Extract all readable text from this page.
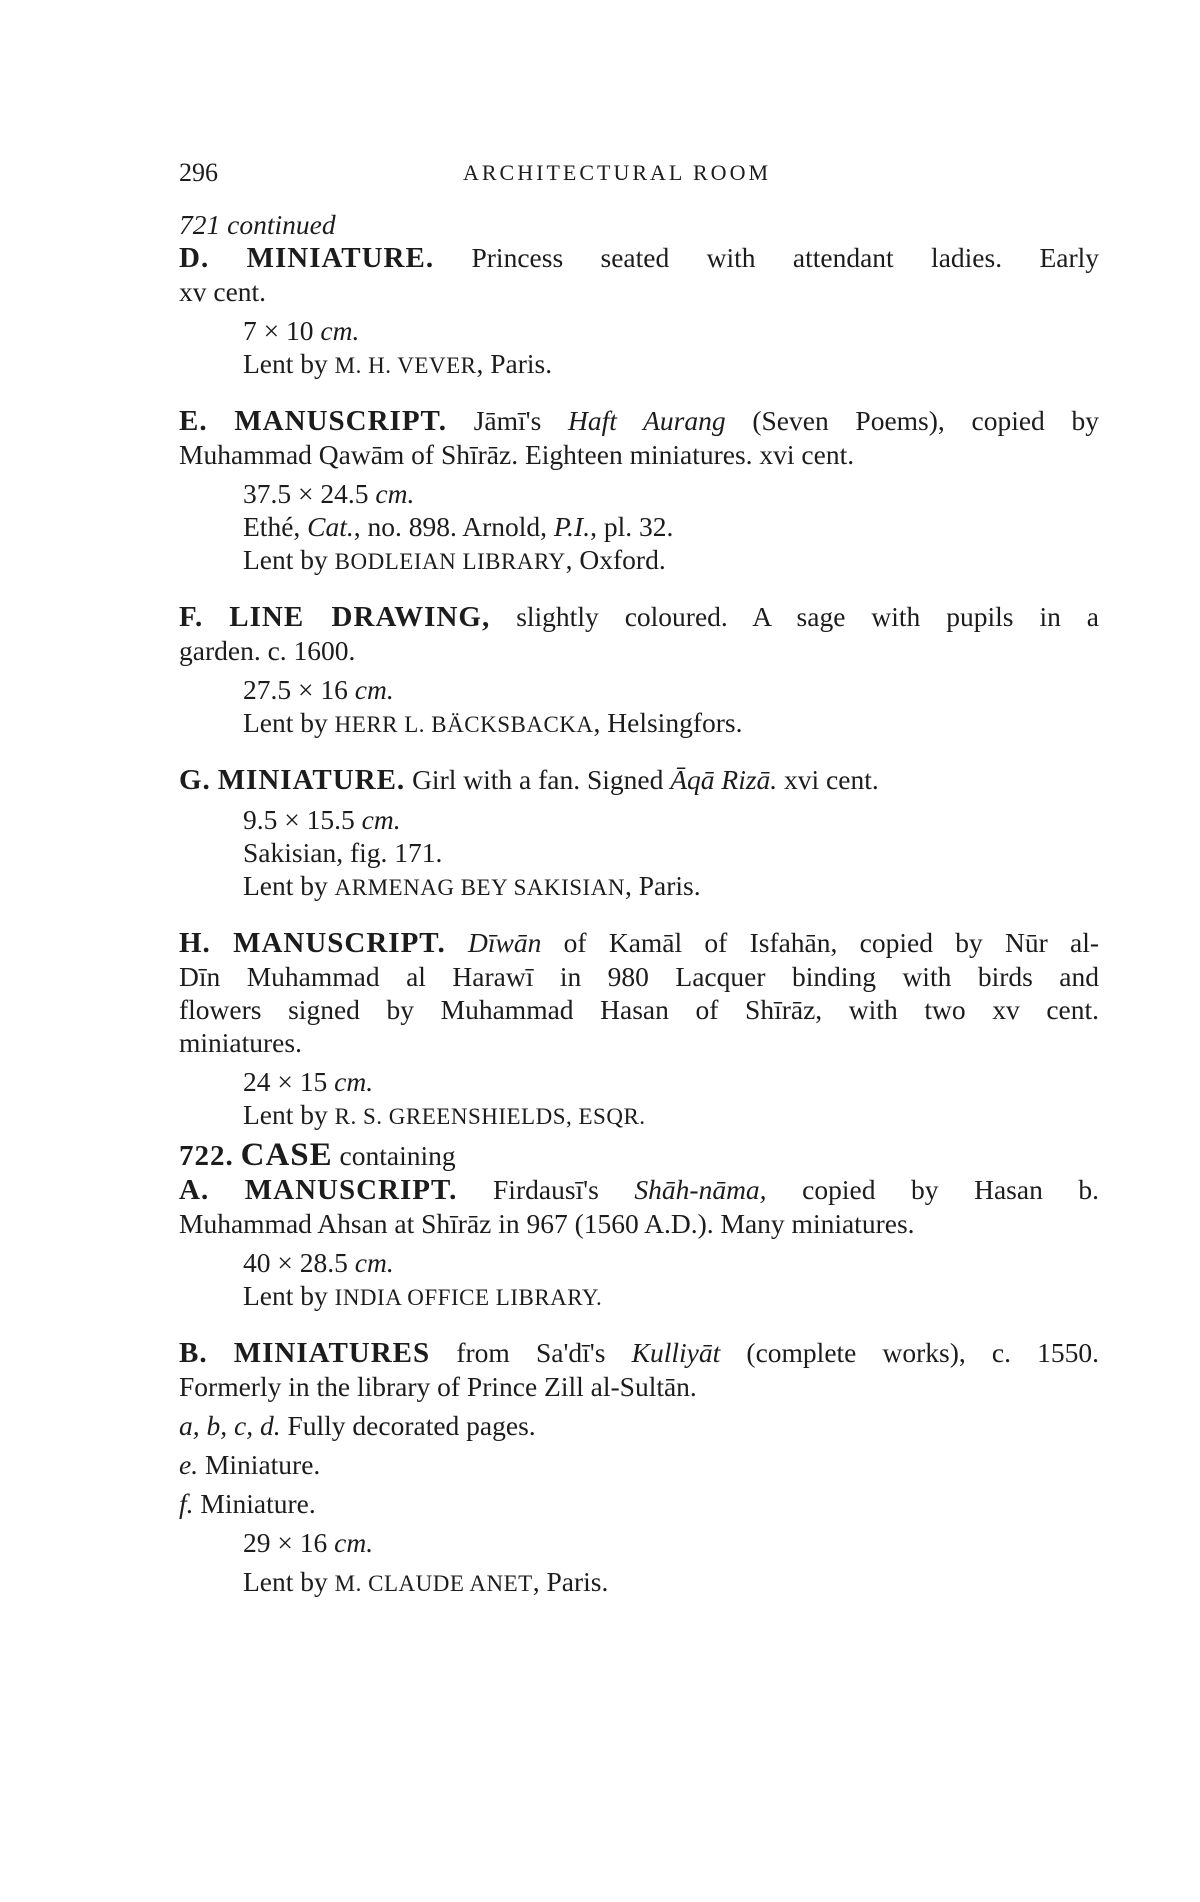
296	ARCHITECTURAL ROOM
721 continued
D. MINIATURE. Princess seated with attendant ladies. Early
xv cent.
7 × 10 cm.
Lent by M. H. VEVER, Paris.
E. MANUSCRIPT. Jāmī's Haft Aurang (Seven Poems), copied by
Muhammad Qawām of Shīrāz. Eighteen miniatures. xvi cent.
37.5 × 24.5 cm.
Ethé, Cat., no. 898. Arnold, P.I., pl. 32.
Lent by BODLEIAN LIBRARY, Oxford.
F. LINE DRAWING, slightly coloured. A sage with pupils in a
garden. c. 1600.
27.5 × 16 cm.
Lent by HERR L. BÄCKSBACKA, Helsingfors.
G. MINIATURE. Girl with a fan. Signed Āqā Rizā. xvi cent.
9.5 × 15.5 cm.
Sakisian, fig. 171.
Lent by ARMENAG BEY SAKISIAN, Paris.
H. MANUSCRIPT. Dīwān of Kamāl of Isfahān, copied by Nūr al-
Dīn Muhammad al Harawī in 980 Lacquer binding with birds and
flowers signed by Muhammad Hasan of Shīrāz, with two xv cent.
miniatures.
24 × 15 cm.
Lent by R. S. GREENSHIELDS, ESQR.
722. CASE containing
A. MANUSCRIPT. Firdausī's Shāh-nāma, copied by Hasan b.
Muhammad Ahsan at Shīrāz in 967 (1560 A.D.). Many miniatures.
40 × 28.5 cm.
Lent by INDIA OFFICE LIBRARY.
B. MINIATURES from Sa'dī's Kulliyāt (complete works), c. 1550.
Formerly in the library of Prince Zill al-Sultān.
a, b, c, d. Fully decorated pages.
e. Miniature.
f. Miniature.
29 × 16 cm.
Lent by M. CLAUDE ANET, Paris.
